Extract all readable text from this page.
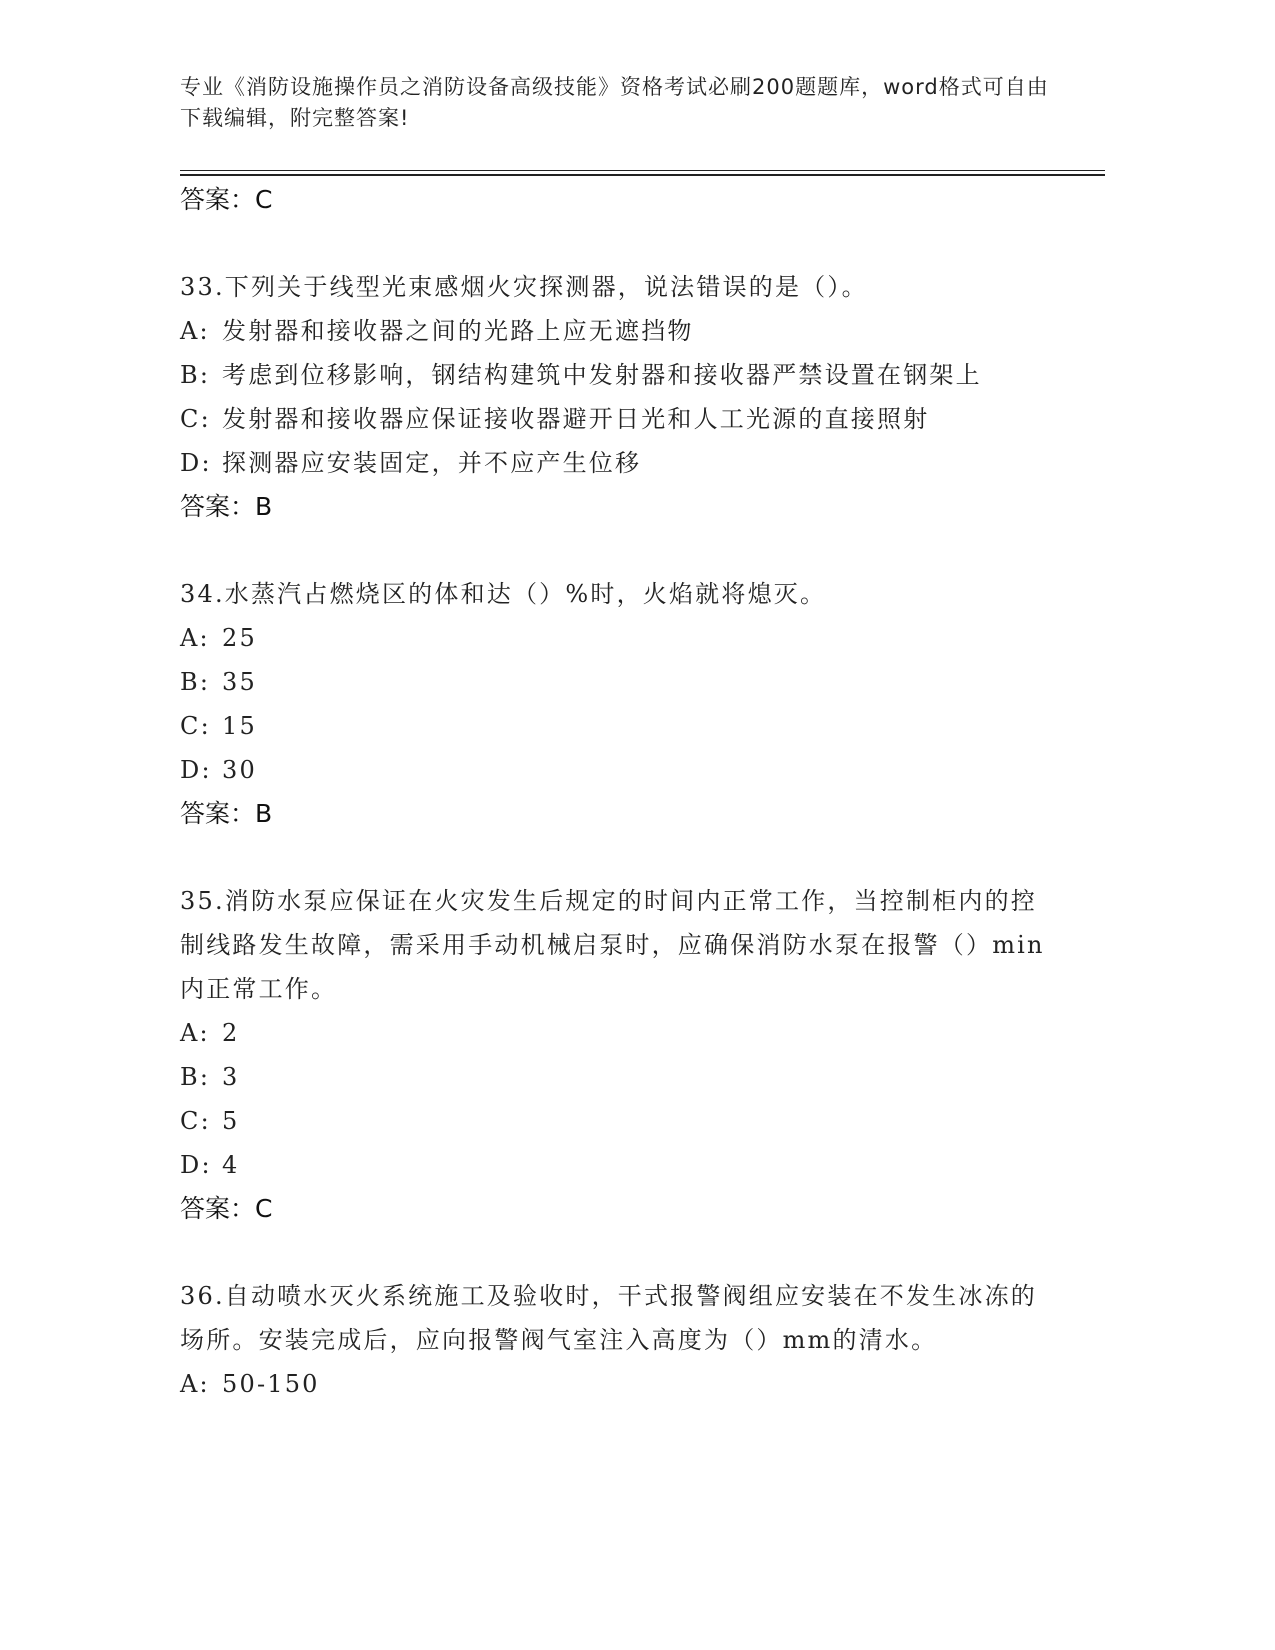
专业《消防设施操作员之消防设备高级技能》资格考试必刷200题题库，word格式可自由下载编辑，附完整答案!
答案：C
33.下列关于线型光束感烟火灾探测器，说法错误的是（）。
A: 发射器和接收器之间的光路上应无遮挡物
B: 考虑到位移影响，钢结构建筑中发射器和接收器严禁设置在钢架上
C: 发射器和接收器应保证接收器避开日光和人工光源的直接照射
D: 探测器应安装固定，并不应产生位移
答案：B
34.水蒸汽占燃烧区的体和达（）%时，火焰就将熄灭。
A: 25
B: 35
C: 15
D: 30
答案：B
35.消防水泵应保证在火灾发生后规定的时间内正常工作，当控制柜内的控制线路发生故障，需采用手动机械启泵时，应确保消防水泵在报警（）min内正常工作。
A: 2
B: 3
C: 5
D: 4
答案：C
36.自动喷水灭火系统施工及验收时，干式报警阀组应安装在不发生冰冻的场所。安装完成后，应向报警阀气室注入高度为（）mm的清水。
A: 50-150
